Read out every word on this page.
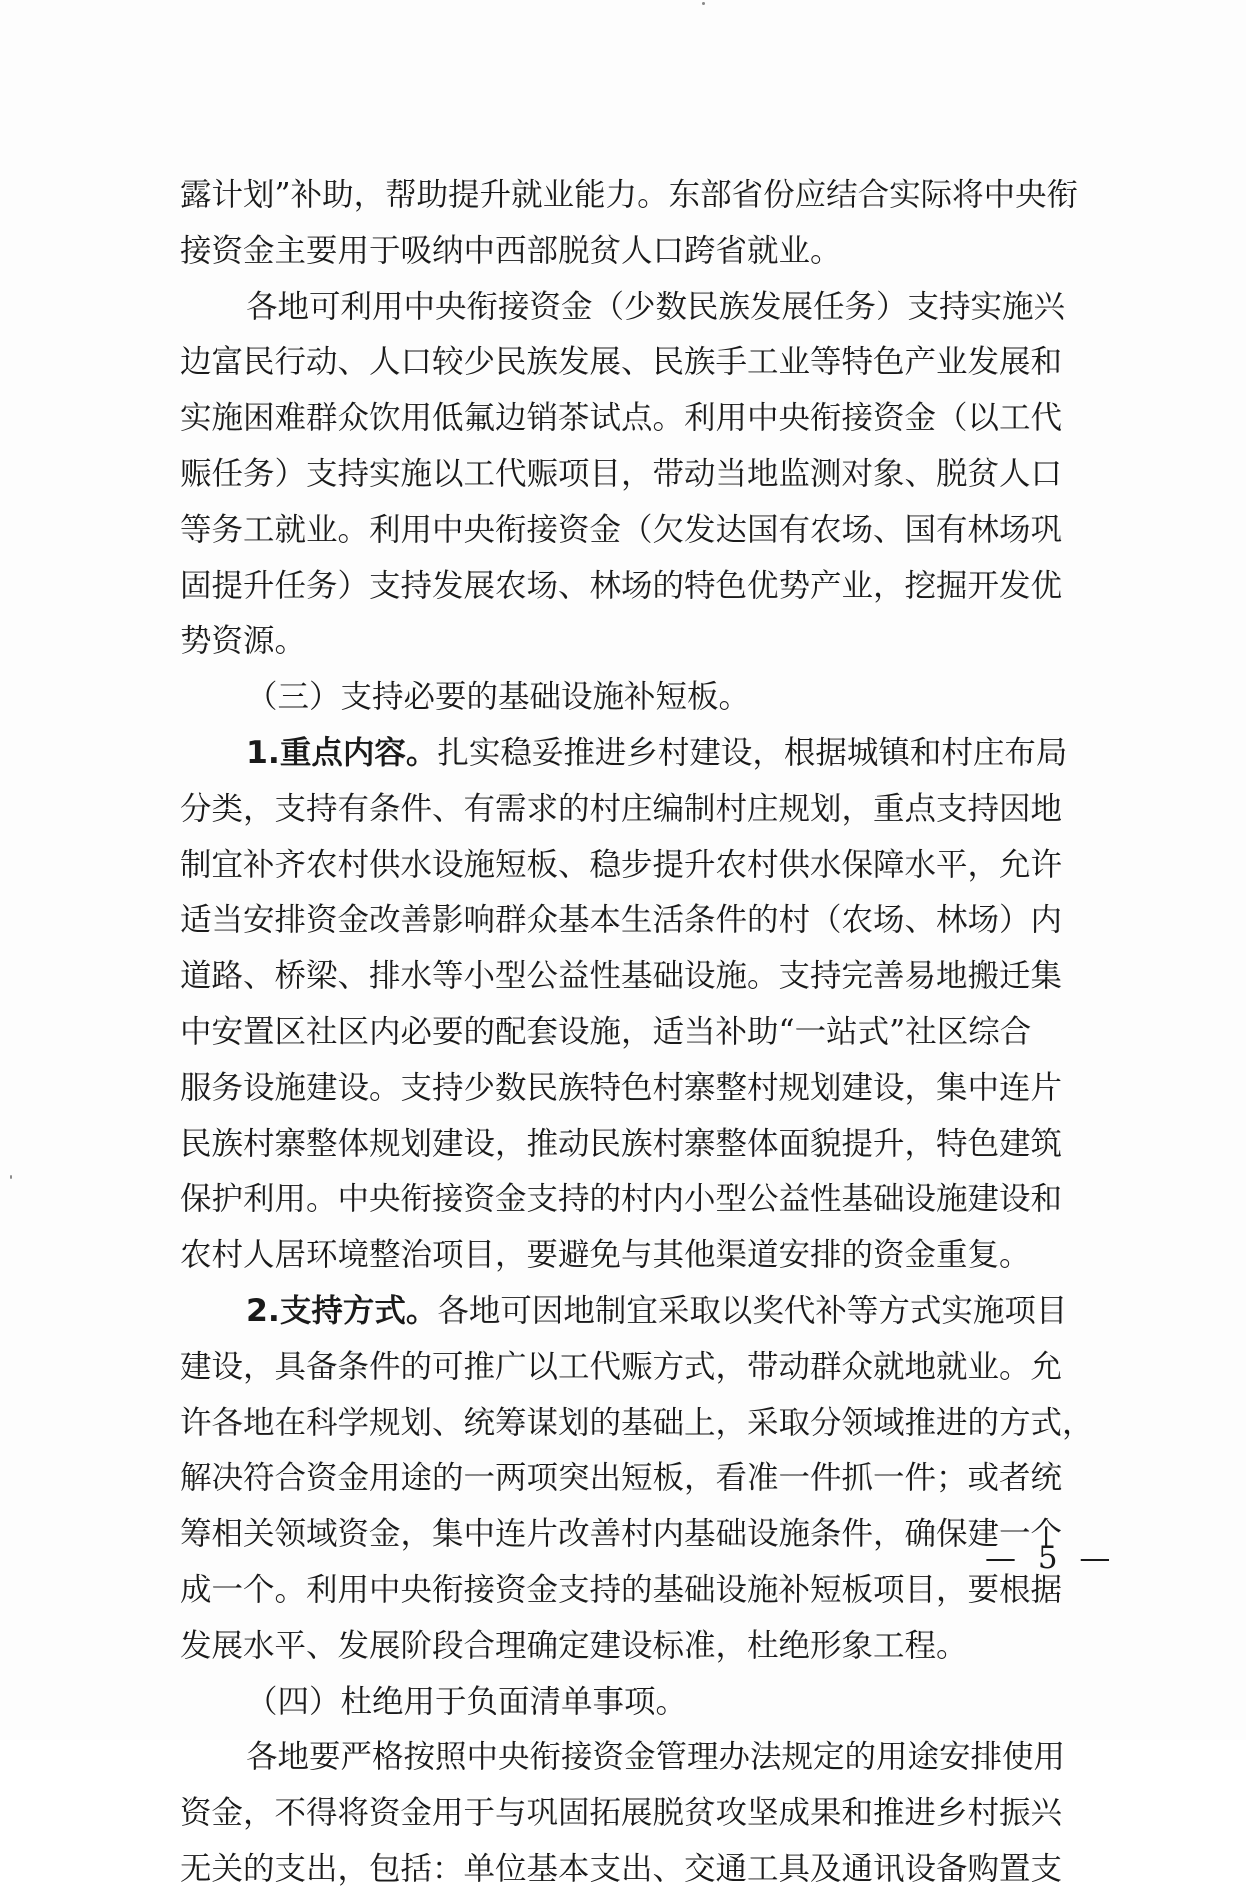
露计划”补助，帮助提升就业能力。东部省份应结合实际将中央衔
接资金主要用于吸纳中西部脱贫人口跨省就业。
各地可利用中央衔接资金（少数民族发展任务）支持实施兴
边富民行动、人口较少民族发展、民族手工业等特色产业发展和
实施困难群众饮用低氟边销茶试点。利用中央衔接资金（以工代
赈任务）支持实施以工代赈项目，带动当地监测对象、脱贫人口
等务工就业。利用中央衔接资金（欠发达国有农场、国有林场巩
固提升任务）支持发展农场、林场的特色优势产业，挖掘开发优
势资源。
（三）支持必要的基础设施补短板。
1.重点内容。扎实稳妥推进乡村建设，根据城镇和村庄布局
分类，支持有条件、有需求的村庄编制村庄规划，重点支持因地
制宜补齐农村供水设施短板、稳步提升农村供水保障水平，允许
适当安排资金改善影响群众基本生活条件的村（农场、林场）内
道路、桥梁、排水等小型公益性基础设施。支持完善易地搬迁集
中安置区社区内必要的配套设施，适当补助“一站式”社区综合
服务设施建设。支持少数民族特色村寨整村规划建设，集中连片
民族村寨整体规划建设，推动民族村寨整体面貌提升，特色建筑
保护利用。中央衔接资金支持的村内小型公益性基础设施建设和
农村人居环境整治项目，要避免与其他渠道安排的资金重复。
2.支持方式。各地可因地制宜采取以奖代补等方式实施项目
建设，具备条件的可推广以工代赈方式，带动群众就地就业。允
许各地在科学规划、统筹谋划的基础上，采取分领域推进的方式，
解决符合资金用途的一两项突出短板，看准一件抓一件；或者统
筹相关领域资金，集中连片改善村内基础设施条件，确保建一个
成一个。利用中央衔接资金支持的基础设施补短板项目，要根据
发展水平、发展阶段合理确定建设标准，杜绝形象工程。
（四）杜绝用于负面清单事项。
各地要严格按照中央衔接资金管理办法规定的用途安排使用
资金，不得将资金用于与巩固拓展脱贫攻坚成果和推进乡村振兴
无关的支出，包括：单位基本支出、交通工具及通讯设备购置支
— 5 —
